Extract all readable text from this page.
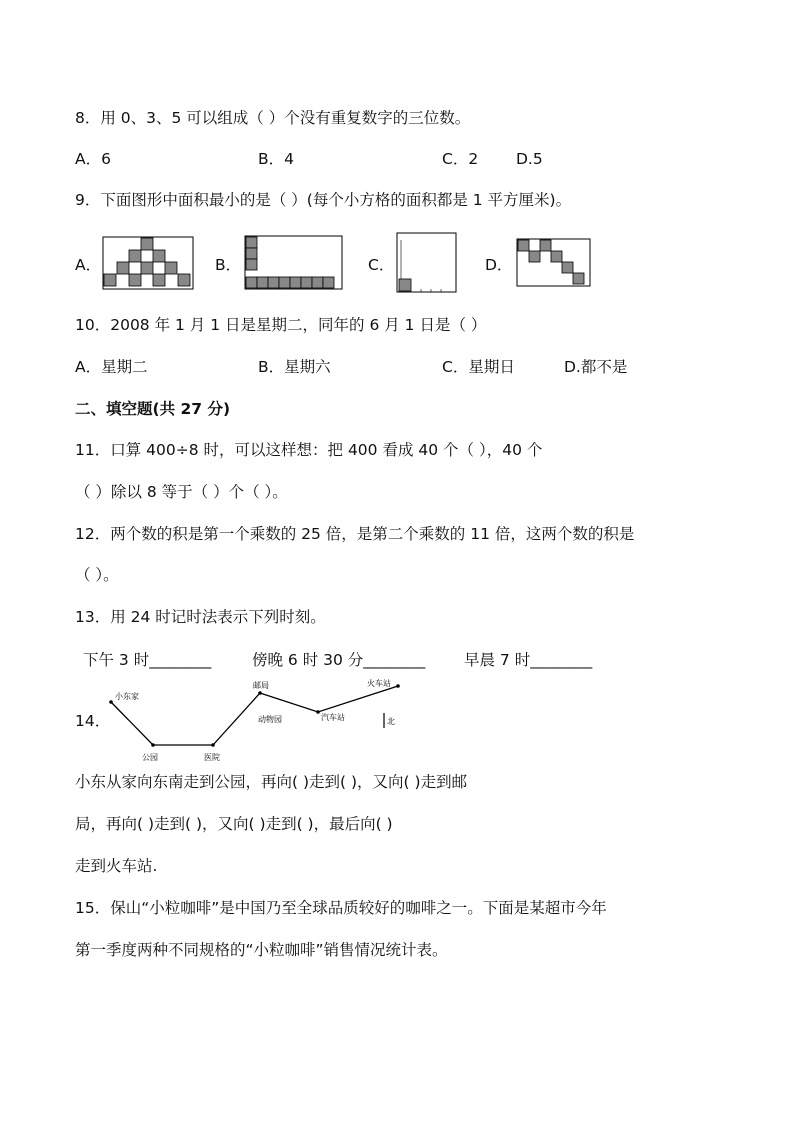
8．用 0、3、5 可以组成（ ）个没有重复数字的三位数。
A．6	B．4	C．2 D.5
9．下面图形中面积最小的是（ ）(每个小方格的面积都是 1 平方厘米)。
A．	B．	C．	D．
10．2008 年 1 月 1 日是星期二，同年的 6 月 1 日是（ ）
A．星期二	B．星期六	C．星期日	D.都不是
二、填空题(共 27 分)
11．口算 400÷8 时，可以这样想：把 400 看成 40 个（ ），40 个
（ ）除以 8 等于（ ）个（ ）。
12．两个数的积是第一个乘数的 25 倍，是第二个乘数的 11 倍，这两个数的积是
（ ）。
13．用 24 时记时法表示下列时刻。
下午 3 时________	傍晚 6 时 30 分________ 早晨 7 时________
14．
小东家
公园	医院
邮局
动物园	汽车站
火车站
北
小东从家向东南走到公园，再向( )走到( )，又向( )走到邮
局，再向( )走到( )，又向( )走到( )，最后向( )
走到火车站.
15．保山“小粒咖啡”是中国乃至全球品质较好的咖啡之一。下面是某超市今年
第一季度两种不同规格的“小粒咖啡”销售情况统计表。
